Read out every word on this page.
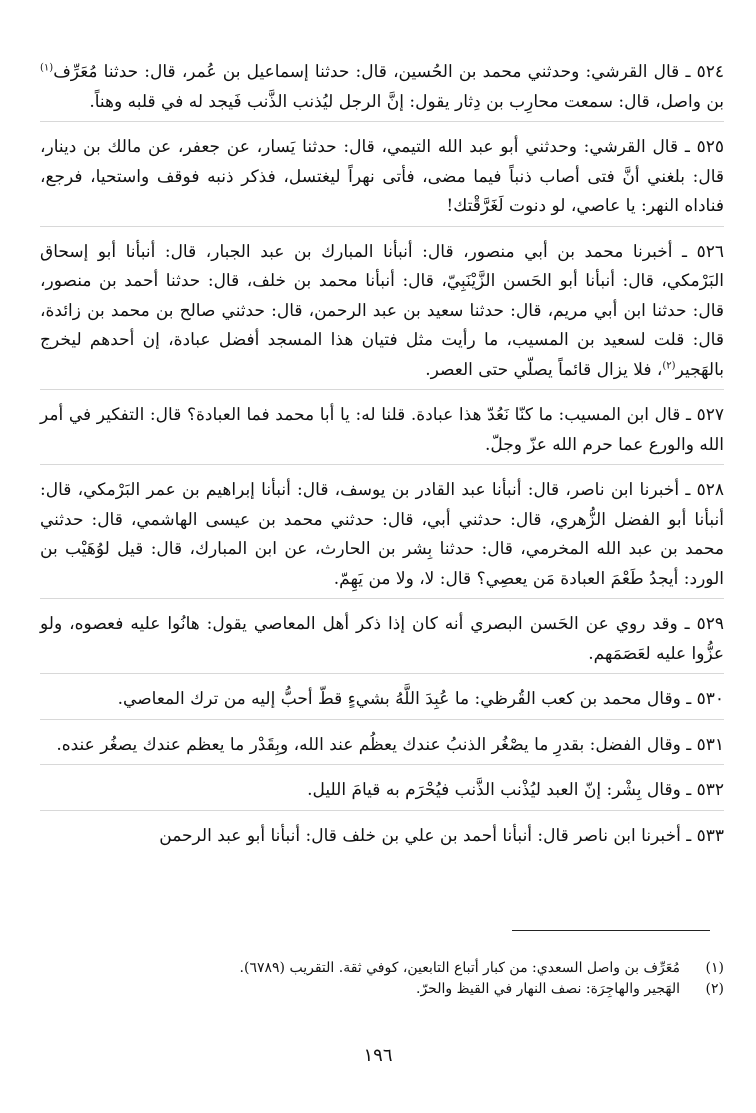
٥٢٤ ـ قال القرشي: وحدثني محمد بن الحُسين، قال: حدثنا إسماعيل بن عُمر، قال: حدثنا مُعَرِّف$^{(١)}$ بن واصل، قال: سمعت محارِب بن دِثار يقول: إنَّ الرجل ليُذنب الذَّنب فَيجد له في قلبه وهناً.

٥٢٥ ـ قال القرشي: وحدثني أبو عبد الله التيمي، قال: حدثنا يَسار، عن جعفر، عن مالك بن دينار، قال: بلغني أنَّ فتى أصاب ذنباً فيما مضى، فأتى نهراً ليغتسل، فذكر ذنبه فوقف واستحيا، فرجع، فناداه النهر: يا عاصي، لو دنوت لَغَرَّقْتك!

٥٢٦ ـ أخبرنا محمد بن أبي منصور، قال: أنبأنا المبارك بن عبد الجبار، قال: أنبأنا أبو إسحاق البَرْمكي، قال: أنبأنا أبو الحَسن الزَّيْنَبِيّ، قال: أنبأنا محمد بن خلف، قال: حدثنا أحمد بن منصور، قال: حدثنا ابن أبي مريم، قال: حدثنا سعيد بن عبد الرحمن، قال: حدثني صالح بن محمد بن زائدة، قال: قلت لسعيد بن المسيب، ما رأيت مثل فتيان هذا المسجد أفضل عبادة، إن أحدهم ليخرج بالهَجير$^{(٢)}$، فلا يزال قائماً يصلّي حتى العصر.

٥٢٧ ـ قال ابن المسيب: ما كنّا نَعُدّ هذا عبادة. قلنا له: يا أبا محمد فما العبادة؟ قال: التفكير في أمر الله والورع عما حرم الله عزّ وجلّ.

٥٢٨ ـ أخبرنا ابن ناصر، قال: أنبأنا عبد القادر بن يوسف، قال: أنبأنا إبراهيم بن عمر البَرْمكي، قال: أنبأنا أبو الفضل الزُّهري، قال: حدثني أبي، قال: حدثني محمد بن عيسى الهاشمي، قال: حدثني محمد بن عبد الله المخرمي، قال: حدثنا بِشر بن الحارث، عن ابن المبارك، قال: قيل لوُهَيْب بن الورد: أيجدُ طَعْمَ العبادة مَن يعصِي؟ قال: لا، ولا من يَهِمّ.

٥٢٩ ـ وقد روي عن الحَسن البصري أنه كان إذا ذكر أهل المعاصي يقول: هانُوا عليه فعصوه، ولو عزُّوا عليه لعَصَمَهم.

٥٣٠ ـ وقال محمد بن كعب القُرظي: ما عُبِدَ اللَّهُ بشيءٍ قطّ أحبُّ إليه من ترك المعاصي.

٥٣١ ـ وقال الفضل: بقدرِ ما يصْغُر الذنبُ عندك يعظُم عند الله، وبِقَدْر ما يعظم عندك يصغُر عنده.

٥٣٢ ـ وقال بِشْر: إنّ العبد ليُذْنب الذَّنب فيُحْرَم به قيامَ الليل.

٥٣٣ ـ أخبرنا ابن ناصر قال: أنبأنا أحمد بن علي بن خلف قال: أنبأنا أبو عبد الرحمن

(١)
مُعَرِّف بن واصل السعدي: من كبار أتباع التابعين، كوفي ثقة. التقريب (٦٧٨٩).
(٢)
الهَجير والهاجِرَة: نصف النهار في القيظ والحرّ.
١٩٦
